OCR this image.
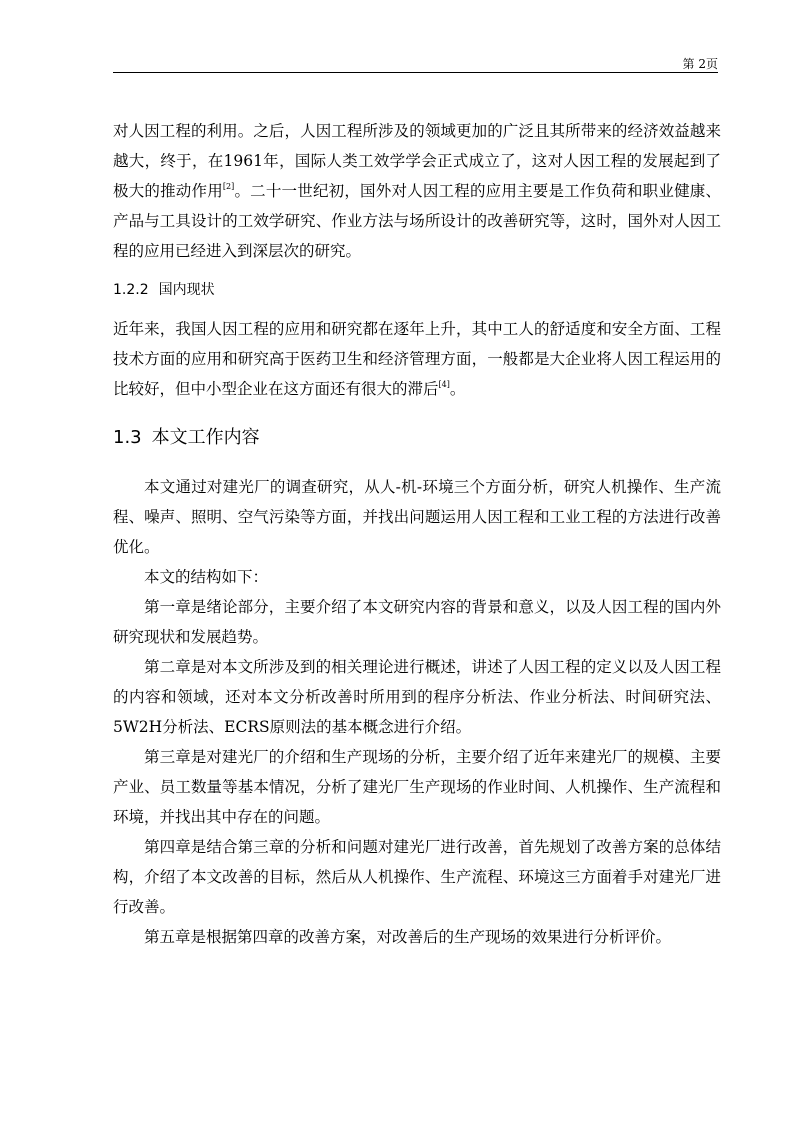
第 2页

对人因工程的利用。之后，人因工程所涉及的领域更加的广泛且其所带来的经济效益越来越大，终于，在1961年，国际人类工效学学会正式成立了，这对人因工程的发展起到了极大的推动作用[2]。二十一世纪初，国外对人因工程的应用主要是工作负荷和职业健康、产品与工具设计的工效学研究、作业方法与场所设计的改善研究等，这时，国外对人因工程的应用已经进入到深层次的研究。

1.2.2 国内现状

近年来，我国人因工程的应用和研究都在逐年上升，其中工人的舒适度和安全方面、工程技术方面的应用和研究高于医药卫生和经济管理方面，一般都是大企业将人因工程运用的比较好，但中小型企业在这方面还有很大的滞后[4]。

1.3 本文工作内容

本文通过对建光厂的调查研究，从人-机-环境三个方面分析，研究人机操作、生产流程、噪声、照明、空气污染等方面，并找出问题运用人因工程和工业工程的方法进行改善优化。

本文的结构如下：

第一章是绪论部分，主要介绍了本文研究内容的背景和意义，以及人因工程的国内外研究现状和发展趋势。

第二章是对本文所涉及到的相关理论进行概述，讲述了人因工程的定义以及人因工程的内容和领域，还对本文分析改善时所用到的程序分析法、作业分析法、时间研究法、5W2H分析法、ECRS原则法的基本概念进行介绍。

第三章是对建光厂的介绍和生产现场的分析，主要介绍了近年来建光厂的规模、主要产业、员工数量等基本情况，分析了建光厂生产现场的作业时间、人机操作、生产流程和环境，并找出其中存在的问题。

第四章是结合第三章的分析和问题对建光厂进行改善，首先规划了改善方案的总体结构，介绍了本文改善的目标，然后从人机操作、生产流程、环境这三方面着手对建光厂进行改善。

第五章是根据第四章的改善方案，对改善后的生产现场的效果进行分析评价。
